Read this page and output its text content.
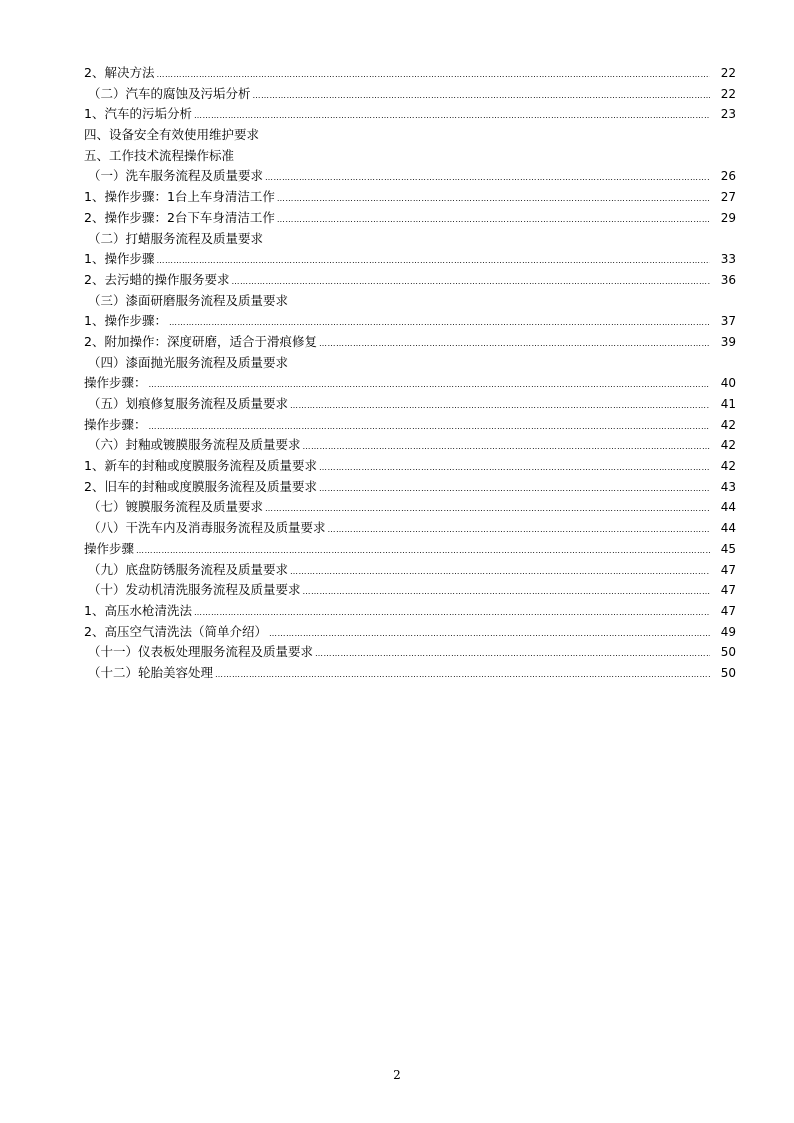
2、解决方法 ……………………………………………………………………………………………………………………………………………………………………………………………………………………	22
（二）汽车的腐蚀及污垢分析 ……………………………………………………………………………………………………………………………………………………………………………………………………………………	22
1、汽车的污垢分析 ……………………………………………………………………………………………………………………………………………………………………………………………………………………	23
四、设备安全有效使用维护要求
五、工作技术流程操作标准
（一）洗车服务流程及质量要求 ……………………………………………………………………………………………………………………………………………………………………………………………………………………	26
1、操作步骤：1台上车身清洁工作 ……………………………………………………………………………………………………………………………………………………………………………………………………………………	27
2、操作步骤：2台下车身清洁工作 ……………………………………………………………………………………………………………………………………………………………………………………………………………………	29
（二）打蜡服务流程及质量要求
1、操作步骤 ……………………………………………………………………………………………………………………………………………………………………………………………………………………	33
2、去污蜡的操作服务要求 ……………………………………………………………………………………………………………………………………………………………………………………………………………………	36
（三）漆面研磨服务流程及质量要求
1、操作步骤： ……………………………………………………………………………………………………………………………………………………………………………………………………………………	37
2、附加操作：深度研磨，适合于滑痕修复 ……………………………………………………………………………………………………………………………………………………………………………………………………………………	39
（四）漆面抛光服务流程及质量要求
操作步骤： ……………………………………………………………………………………………………………………………………………………………………………………………………………………	40
（五）划痕修复服务流程及质量要求 ……………………………………………………………………………………………………………………………………………………………………………………………………………………	41
操作步骤： ……………………………………………………………………………………………………………………………………………………………………………………………………………………	42
（六）封釉或镀膜服务流程及质量要求 ……………………………………………………………………………………………………………………………………………………………………………………………………………………	42
1、新车的封釉或度膜服务流程及质量要求 ……………………………………………………………………………………………………………………………………………………………………………………………………………………	42
2、旧车的封釉或度膜服务流程及质量要求 ……………………………………………………………………………………………………………………………………………………………………………………………………………………	43
（七）镀膜服务流程及质量要求 ……………………………………………………………………………………………………………………………………………………………………………………………………………………	44
（八）干洗车内及消毒服务流程及质量要求 ……………………………………………………………………………………………………………………………………………………………………………………………………………………	44
操作步骤 ……………………………………………………………………………………………………………………………………………………………………………………………………………………	45
（九）底盘防锈服务流程及质量要求 ……………………………………………………………………………………………………………………………………………………………………………………………………………………	47
（十）发动机清洗服务流程及质量要求 ……………………………………………………………………………………………………………………………………………………………………………………………………………………	47
1、高压水枪清洗法 ……………………………………………………………………………………………………………………………………………………………………………………………………………………	47
2、高压空气清洗法（简单介绍） ……………………………………………………………………………………………………………………………………………………………………………………………………………………	49
（十一）仪表板处理服务流程及质量要求 ……………………………………………………………………………………………………………………………………………………………………………………………………………………	50
（十二）轮胎美容处理 ……………………………………………………………………………………………………………………………………………………………………………………………………………………	50
2
